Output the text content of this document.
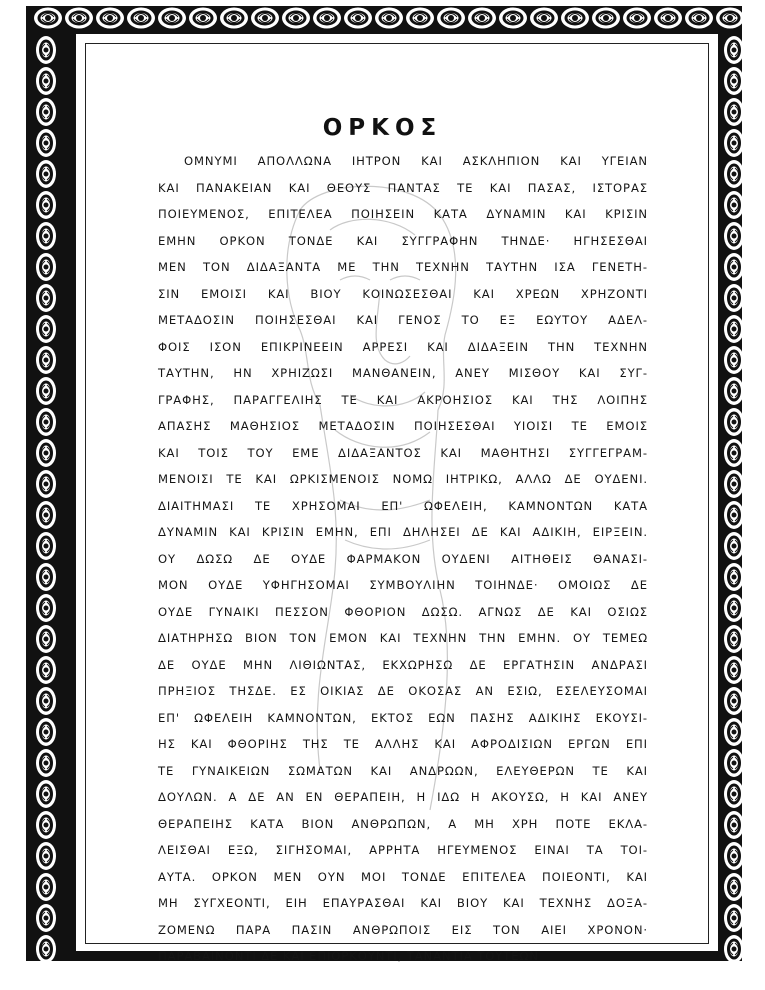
ΟΡΚΟΣ
ΟΜΝΥΜΙ ΑΠΟΛΛΩΝΑ ΙΗΤΡΟΝ ΚΑΙ ΑΣΚΛΗΠΙΟΝ ΚΑΙ ΥΓΕΙΑΝ
ΚΑΙ ΠΑΝΑΚΕΙΑΝ ΚΑΙ ΘΕΟΥΣ ΠΑΝΤΑΣ ΤΕ ΚΑΙ ΠΑΣΑΣ, ΙΣΤΟΡΑΣ
ΠΟΙΕΥΜΕΝΟΣ, ΕΠΙΤΕΛΕΑ ΠΟΙΗΣΕΙΝ ΚΑΤΑ ΔΥΝΑΜΙΝ ΚΑΙ ΚΡΙΣΙΝ
ΕΜΗΝ ΟΡΚΟΝ ΤΟΝΔΕ ΚΑΙ ΣΥΓΓΡΑΦΗΝ ΤΗΝΔΕ· ΗΓΗΣΕΣΘΑΙ
ΜΕΝ ΤΟΝ ΔΙΔΑΞΑΝΤΑ ΜΕ ΤΗΝ ΤΕΧΝΗΝ ΤΑΥΤΗΝ ΙΣΑ ΓΕΝΕΤΗ-
ΣΙΝ ΕΜΟΙΣΙ ΚΑΙ ΒΙΟΥ ΚΟΙΝΩΣΕΣΘΑΙ ΚΑΙ ΧΡΕΩΝ ΧΡΗΖΟΝΤΙ
ΜΕΤΑΔΟΣΙΝ ΠΟΙΗΣΕΣΘΑΙ ΚΑΙ ΓΕΝΟΣ ΤΟ ΕΞ ΕΩΥΤΟΥ ΑΔΕΛ-
ΦΟΙΣ ΙΣΟΝ ΕΠΙΚΡΙΝΕΕΙΝ ΑΡΡΕΣΙ ΚΑΙ ΔΙΔΑΞΕΙΝ ΤΗΝ ΤΕΧΝΗΝ
ΤΑΥΤΗΝ, ΗΝ ΧΡΗΙΖΩΣΙ ΜΑΝΘΑΝΕΙΝ, ΑΝΕΥ ΜΙΣΘΟΥ ΚΑΙ ΣΥΓ-
ΓΡΑΦΗΣ, ΠΑΡΑΓΓΕΛΙΗΣ ΤΕ ΚΑΙ ΑΚΡΟΗΣΙΟΣ ΚΑΙ ΤΗΣ ΛΟΙΠΗΣ
ΑΠΑΣΗΣ ΜΑΘΗΣΙΟΣ ΜΕΤΑΔΟΣΙΝ ΠΟΙΗΣΕΣΘΑΙ ΥΙΟΙΣΙ ΤΕ ΕΜΟΙΣ
ΚΑΙ ΤΟΙΣ ΤΟΥ ΕΜΕ ΔΙΔΑΞΑΝΤΟΣ ΚΑΙ ΜΑΘΗΤΗΣΙ ΣΥΓΓΕΓΡΑΜ-
ΜΕΝΟΙΣΙ ΤΕ ΚΑΙ ΩΡΚΙΣΜΕΝΟΙΣ ΝΟΜΩ ΙΗΤΡΙΚΩ, ΑΛΛΩ ΔΕ ΟΥΔΕΝΙ.
ΔΙΑΙΤΗΜΑΣΙ ΤΕ ΧΡΗΣΟΜΑΙ ΕΠ' ΩΦΕΛΕΙΗ, ΚΑΜΝΟΝΤΩΝ ΚΑΤΑ
ΔΥΝΑΜΙΝ ΚΑΙ ΚΡΙΣΙΝ ΕΜΗΝ, ΕΠΙ ΔΗΛΗΣΕΙ ΔΕ ΚΑΙ ΑΔΙΚΙΗ, ΕΙΡΞΕΙΝ.
ΟΥ ΔΩΣΩ ΔΕ ΟΥΔΕ ΦΑΡΜΑΚΟΝ ΟΥΔΕΝΙ ΑΙΤΗΘΕΙΣ ΘΑΝΑΣΙ-
ΜΟΝ ΟΥΔΕ ΥΦΗΓΗΣΟΜΑΙ ΣΥΜΒΟΥΛΙΗΝ ΤΟΙΗΝΔΕ· ΟΜΟΙΩΣ ΔΕ
ΟΥΔΕ ΓΥΝΑΙΚΙ ΠΕΣΣΟΝ ΦΘΟΡΙΟΝ ΔΩΣΩ. ΑΓΝΩΣ ΔΕ ΚΑΙ ΟΣΙΩΣ
ΔΙΑΤΗΡΗΣΩ ΒΙΟΝ ΤΟΝ ΕΜΟΝ ΚΑΙ ΤΕΧΝΗΝ ΤΗΝ ΕΜΗΝ. ΟΥ ΤΕΜΕΩ
ΔΕ ΟΥΔΕ ΜΗΝ ΛΙΘΙΩΝΤΑΣ, ΕΚΧΩΡΗΣΩ ΔΕ ΕΡΓΑΤΗΣΙΝ ΑΝΔΡΑΣΙ
ΠΡΗΞΙΟΣ ΤΗΣΔΕ. ΕΣ ΟΙΚΙΑΣ ΔΕ ΟΚΟΣΑΣ ΑΝ ΕΣΙΩ, ΕΣΕΛΕΥΣΟΜΑΙ
ΕΠ' ΩΦΕΛΕΙΗ ΚΑΜΝΟΝΤΩΝ, ΕΚΤΟΣ ΕΩΝ ΠΑΣΗΣ ΑΔΙΚΙΗΣ ΕΚΟΥΣΙ-
ΗΣ ΚΑΙ ΦΘΟΡΙΗΣ ΤΗΣ ΤΕ ΑΛΛΗΣ ΚΑΙ ΑΦΡΟΔΙΣΙΩΝ ΕΡΓΩΝ ΕΠΙ
ΤΕ ΓΥΝΑΙΚΕΙΩΝ ΣΩΜΑΤΩΝ ΚΑΙ ΑΝΔΡΩΩΝ, ΕΛΕΥΘΕΡΩΝ ΤΕ ΚΑΙ
ΔΟΥΛΩΝ. Α ΔΕ ΑΝ ΕΝ ΘΕΡΑΠΕΙΗ, Η ΙΔΩ Η ΑΚΟΥΣΩ, Η ΚΑΙ ΑΝΕΥ
ΘΕΡΑΠΕΙΗΣ ΚΑΤΑ ΒΙΟΝ ΑΝΘΡΩΠΩΝ, Α ΜΗ ΧΡΗ ΠΟΤΕ ΕΚΛΑ-
ΛΕΙΣΘΑΙ ΕΞΩ, ΣΙΓΗΣΟΜΑΙ, ΑΡΡΗΤΑ ΗΓΕΥΜΕΝΟΣ ΕΙΝΑΙ ΤΑ ΤΟΙ-
ΑΥΤΑ. ΟΡΚΟΝ ΜΕΝ ΟΥΝ ΜΟΙ ΤΟΝΔΕ ΕΠΙΤΕΛΕΑ ΠΟΙΕΟΝΤΙ, ΚΑΙ
ΜΗ ΣΥΓΧΕΟΝΤΙ, ΕΙΗ ΕΠΑΥΡΑΣΘΑΙ ΚΑΙ ΒΙΟΥ ΚΑΙ ΤΕΧΝΗΣ ΔΟΞΑ-
ΖΟΜΕΝΩ ΠΑΡΑ ΠΑΣΙΝ ΑΝΘΡΩΠΟΙΣ ΕΙΣ ΤΟΝ ΑΙΕΙ ΧΡΟΝΟΝ·
ΠΑΡΑΒΑΙΝΟΝΤΙ ΔΕ ΚΑΙ ΕΠΙΟΡΚΟΥΝΤΙ, ΤΑΝΑΝΤΙΑ ΤΟΥΤΕΩΝ
